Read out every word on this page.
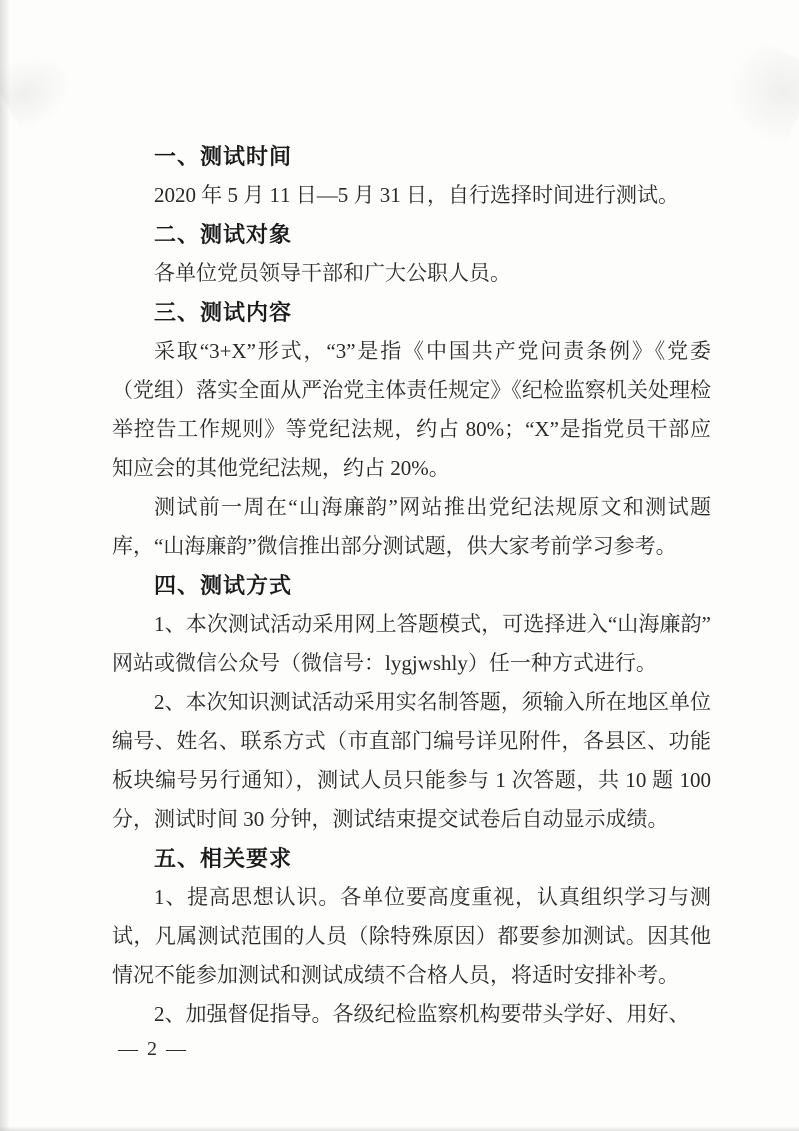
一、测试时间
2020 年 5 月 11 日—5 月 31 日，自行选择时间进行测试。
二、测试对象
各单位党员领导干部和广大公职人员。
三、测试内容
采取“3+X”形式，“3”是指《中国共产党问责条例》《党委（党组）落实全面从严治党主体责任规定》《纪检监察机关处理检举控告工作规则》等党纪法规，约占 80%；“X”是指党员干部应知应会的其他党纪法规，约占 20%。
测试前一周在“山海廉韵”网站推出党纪法规原文和测试题库，“山海廉韵”微信推出部分测试题，供大家考前学习参考。
四、测试方式
1、本次测试活动采用网上答题模式，可选择进入“山海廉韵”网站或微信公众号（微信号：lygjwshly）任一种方式进行。
2、本次知识测试活动采用实名制答题，须输入所在地区单位编号、姓名、联系方式（市直部门编号详见附件，各县区、功能板块编号另行通知），测试人员只能参与 1 次答题，共 10 题 100 分，测试时间 30 分钟，测试结束提交试卷后自动显示成绩。
五、相关要求
1、提高思想认识。各单位要高度重视，认真组织学习与测试，凡属测试范围的人员（除特殊原因）都要参加测试。因其他情况不能参加测试和测试成绩不合格人员，将适时安排补考。
2、加强督促指导。各级纪检监察机构要带头学好、用好、
— 2 —
